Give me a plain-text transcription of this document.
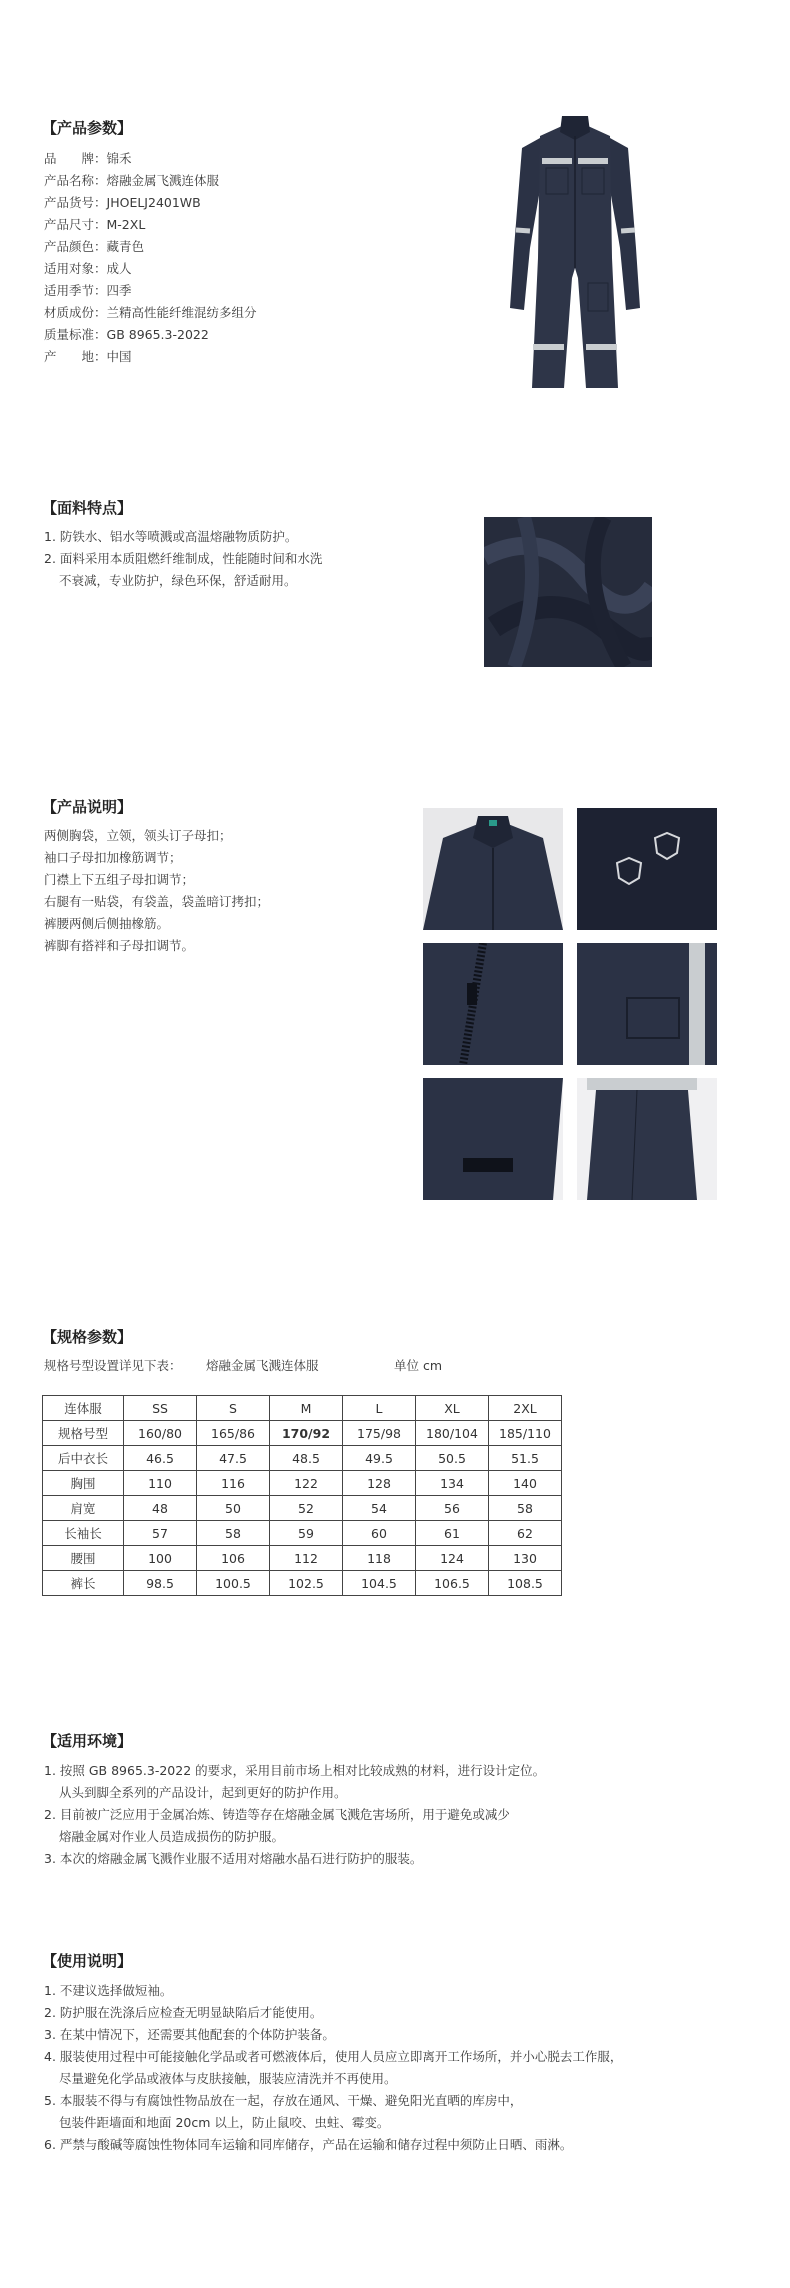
【产品参数】
品　　牌： 锦禾
产品名称： 熔融金属飞溅连体服
产品货号： JHOELJ2401WB
产品尺寸： M-2XL
产品颜色： 藏青色
适用对象： 成人
适用季节： 四季
材质成份： 兰精高性能纤维混纺多组分
质量标准： GB 8965.3-2022
产　　地： 中国
【面料特点】

1. 防铁水、铝水等喷溅或高温熔融物质防护。

2. 面料采用本质阻燃纤维制成，性能随时间和水洗

不衰减，专业防护，绿色环保，舒适耐用。

【产品说明】

两侧胸袋，立领，领头订子母扣；

袖口子母扣加橡筋调节；

门襟上下五组子母扣调节；

右腿有一贴袋，有袋盖，袋盖暗订拷扣；

裤腰两侧后侧抽橡筋。

裤脚有搭袢和子母扣调节。

【规格参数】
规格号型设置详见下表： 熔融金属飞溅连体服	单位 cm
连体服	SS	S	M	L	XL	2XL
规格号型	160/80	165/86	170/92	175/98	180/104	185/110
后中衣长	46.5	47.5	48.5	49.5	50.5	51.5
胸围	110	116	122	128	134	140
肩宽	48	50	52	54	56	58
长袖长	57	58	59	60	61	62
腰围	100	106	112	118	124	130
裤长	98.5	100.5	102.5	104.5	106.5	108.5
【适用环境】

1. 按照 GB 8965.3-2022 的要求，采用目前市场上相对比较成熟的材料，进行设计定位。

从头到脚全系列的产品设计，起到更好的防护作用。

2. 目前被广泛应用于金属冶炼、铸造等存在熔融金属飞溅危害场所，用于避免或减少

熔融金属对作业人员造成损伤的防护服。

3. 本次的熔融金属飞溅作业服不适用对熔融水晶石进行防护的服装。

【使用说明】

1. 不建议选择做短袖。

2. 防护服在洗涤后应检查无明显缺陷后才能使用。

3. 在某中情况下，还需要其他配套的个体防护装备。

4. 服装使用过程中可能接触化学品或者可燃液体后，使用人员应立即离开工作场所，并小心脱去工作服，

尽量避免化学品或液体与皮肤接触，服装应清洗并不再使用。

5. 本服装不得与有腐蚀性物品放在一起，存放在通风、干燥、避免阳光直晒的库房中，

包装件距墙面和地面 20cm 以上，防止鼠咬、虫蛀、霉变。

6. 严禁与酸碱等腐蚀性物体同车运输和同库储存，产品在运输和储存过程中须防止日晒、雨淋。
